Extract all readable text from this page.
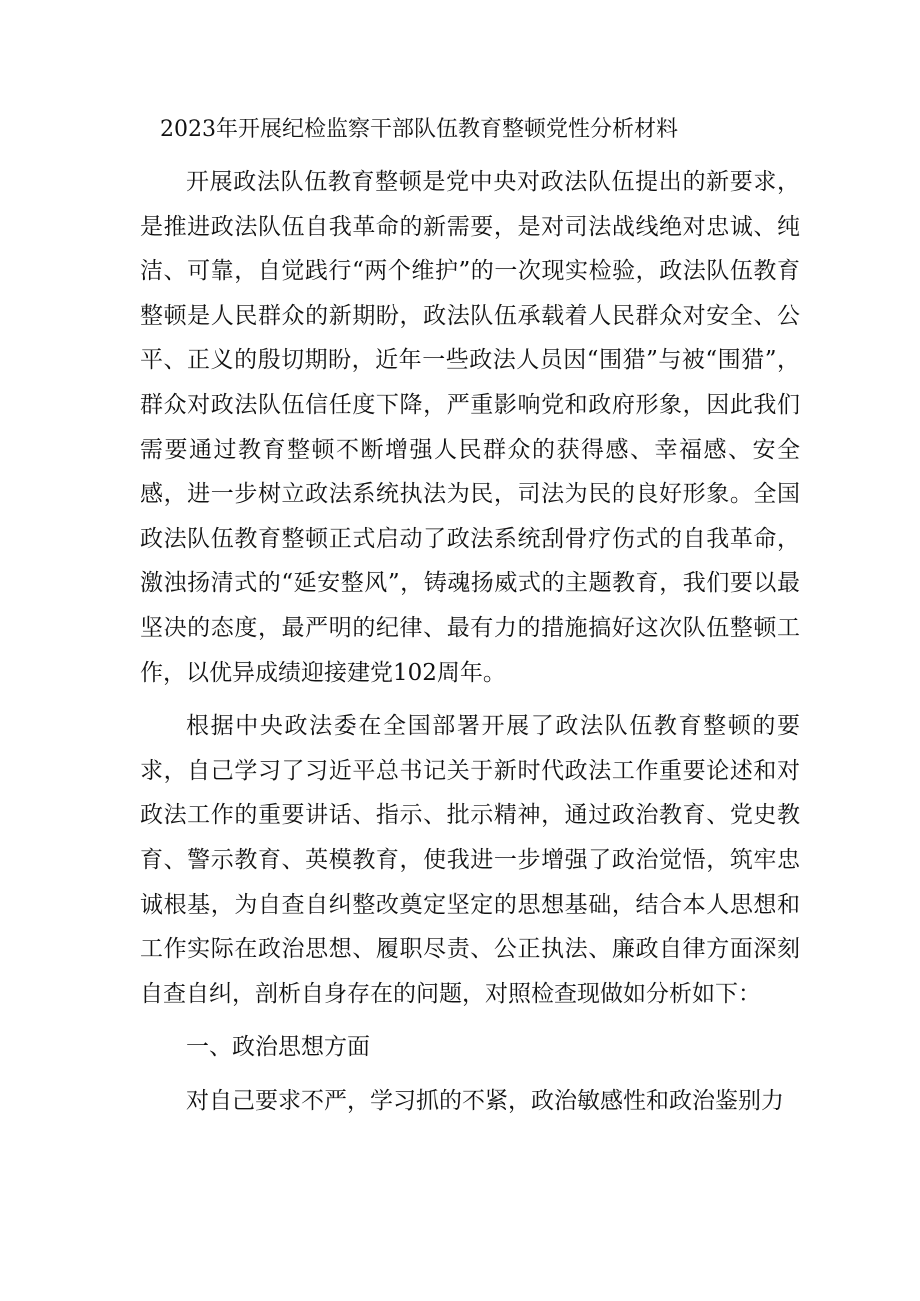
2023年开展纪检监察干部队伍教育整顿党性分析材料

开展政法队伍教育整顿是党中央对政法队伍提出的新要求，是推进政法队伍自我革命的新需要，是对司法战线绝对忠诚、纯洁、可靠，自觉践行“两个维护”的一次现实检验，政法队伍教育整顿是人民群众的新期盼，政法队伍承载着人民群众对安全、公平、正义的殷切期盼，近年一些政法人员因“围猎”与被“围猎”，群众对政法队伍信任度下降，严重影响党和政府形象，因此我们需要通过教育整顿不断增强人民群众的获得感、幸福感、安全感，进一步树立政法系统执法为民，司法为民的良好形象。全国政法队伍教育整顿正式启动了政法系统刮骨疗伤式的自我革命，激浊扬清式的“延安整风”，铸魂扬威式的主题教育，我们要以最坚决的态度，最严明的纪律、最有力的措施搞好这次队伍整顿工作，以优异成绩迎接建党102周年。

根据中央政法委在全国部署开展了政法队伍教育整顿的要求，自己学习了习近平总书记关于新时代政法工作重要论述和对政法工作的重要讲话、指示、批示精神，通过政治教育、党史教育、警示教育、英模教育，使我进一步增强了政治觉悟，筑牢忠诚根基，为自查自纠整改奠定坚定的思想基础，结合本人思想和工作实际在政治思想、履职尽责、公正执法、廉政自律方面深刻自查自纠，剖析自身存在的问题，对照检查现做如分析如下：

一、政治思想方面

对自己要求不严，学习抓的不紧，政治敏感性和政治鉴别力
